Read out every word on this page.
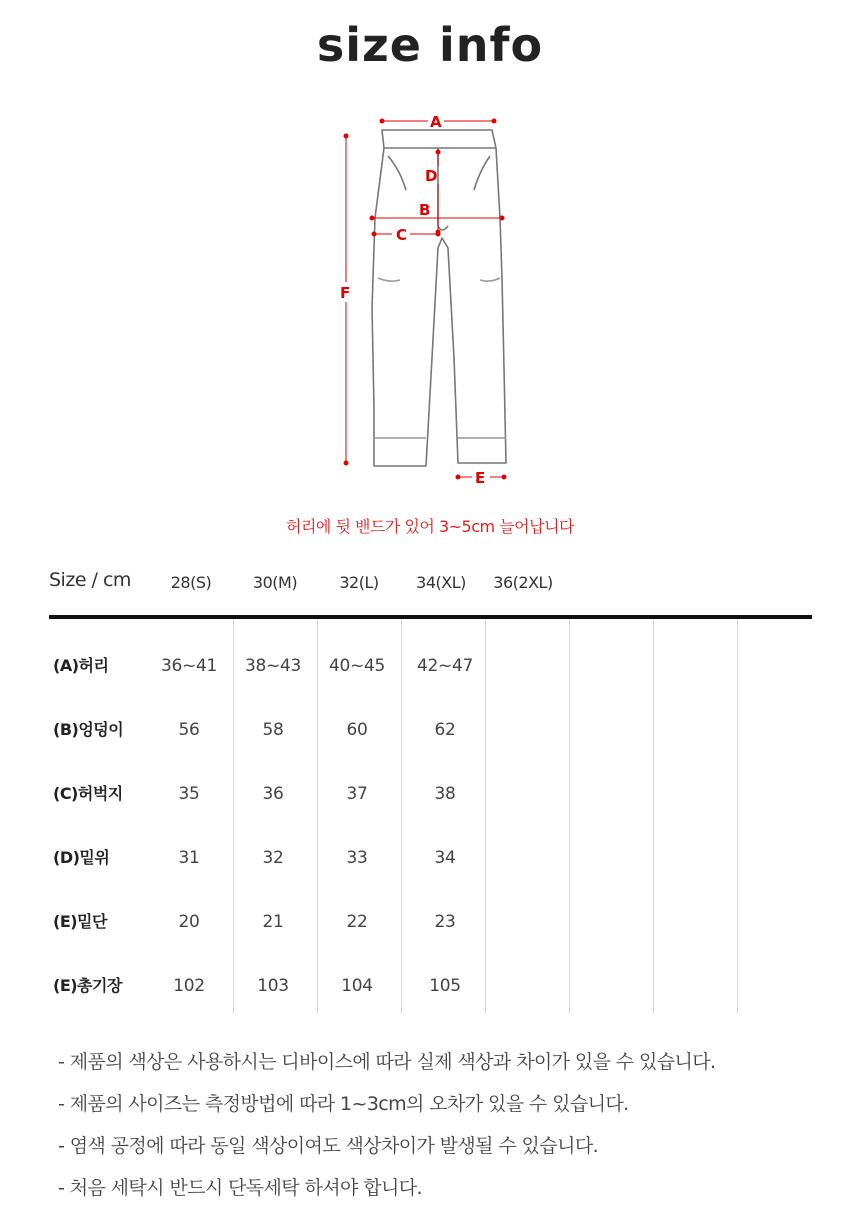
size info
A
D
B
C
F
E
허리에 뒷 밴드가 있어 3~5cm 늘어납니다
Size / cm	28(S)	30(M)	32(L)	34(XL)	36(2XL)
(A)허리	36~41	38~43	40~45	42~47
(B)엉덩이	56	58	60	62
(C)허벅지	35	36	37	38
(D)밑위	31	32	33	34
(E)밑단	20	21	22	23
(E)총기장	102	103	104	105
- 제품의 색상은 사용하시는 디바이스에 따라 실제 색상과 차이가 있을 수 있습니다.
- 제품의 사이즈는 측정방법에 따라 1~3cm의 오차가 있을 수 있습니다.
- 염색 공정에 따라 동일 색상이여도 색상차이가 발생될 수 있습니다.
- 처음 세탁시 반드시 단독세탁 하셔야 합니다.
